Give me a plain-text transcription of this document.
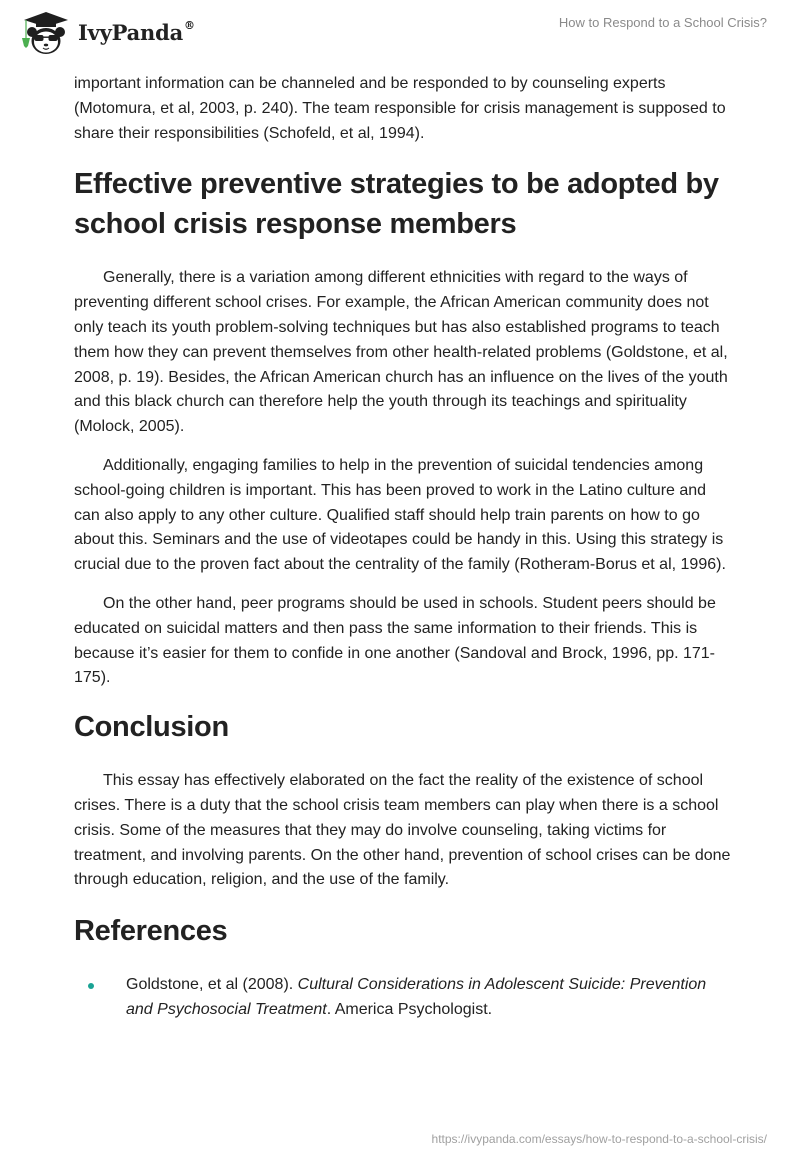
IvyPanda®	How to Respond to a School Crisis?

important information can be channeled and be responded to by counseling experts (Motomura, et al, 2003, p. 240). The team responsible for crisis management is supposed to share their responsibilities (Schofeld, et al, 1994).

Effective preventive strategies to be adopted by school crisis response members

Generally, there is a variation among different ethnicities with regard to the ways of preventing different school crises. For example, the African American community does not only teach its youth problem-solving techniques but has also established programs to teach them how they can prevent themselves from other health-related problems (Goldstone, et al, 2008, p. 19). Besides, the African American church has an influence on the lives of the youth and this black church can therefore help the youth through its teachings and spirituality (Molock, 2005).

Additionally, engaging families to help in the prevention of suicidal tendencies among school-going children is important. This has been proved to work in the Latino culture and can also apply to any other culture. Qualified staff should help train parents on how to go about this. Seminars and the use of videotapes could be handy in this. Using this strategy is crucial due to the proven fact about the centrality of the family (Rotheram-Borus et al, 1996).

On the other hand, peer programs should be used in schools. Student peers should be educated on suicidal matters and then pass the same information to their friends. This is because it’s easier for them to confide in one another (Sandoval and Brock, 1996, pp. 171-175).

Conclusion

This essay has effectively elaborated on the fact the reality of the existence of school crises. There is a duty that the school crisis team members can play when there is a school crisis. Some of the measures that they may do involve counseling, taking victims for treatment, and involving parents. On the other hand, prevention of school crises can be done through education, religion, and the use of the family.

References
Goldstone, et al (2008). Cultural Considerations in Adolescent Suicide: Prevention and Psychosocial Treatment. America Psychologist.
https://ivypanda.com/essays/how-to-respond-to-a-school-crisis/
